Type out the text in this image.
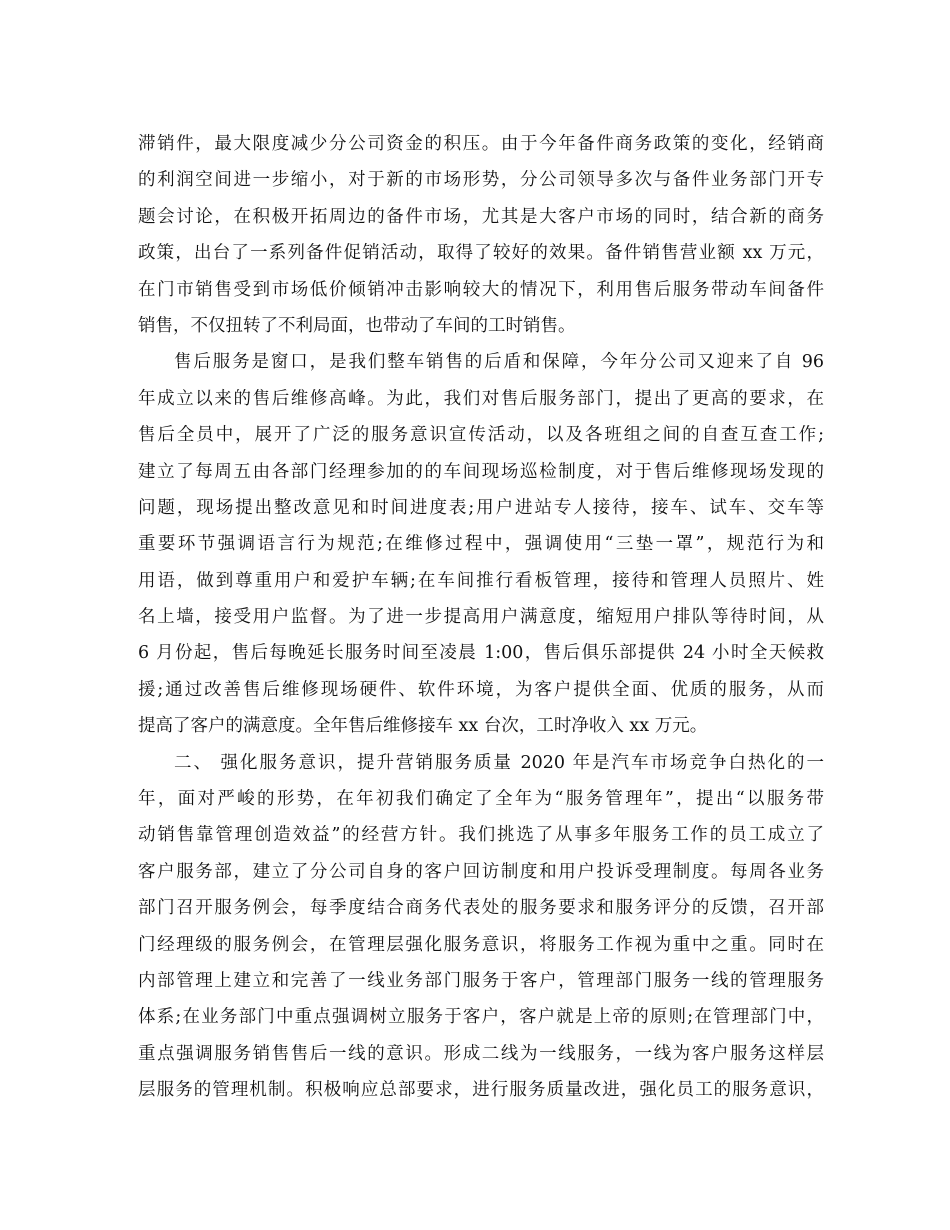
滞销件，最大限度减少分公司资金的积压。由于今年备件商务政策的变化，经销商
的利润空间进一步缩小，对于新的市场形势，分公司领导多次与备件业务部门开专
题会讨论，在积极开拓周边的备件市场，尤其是大客户市场的同时，结合新的商务
政策，出台了一系列备件促销活动，取得了较好的效果。备件销售营业额 xx 万元，
在门市销售受到市场低价倾销冲击影响较大的情况下，利用售后服务带动车间备件
销售，不仅扭转了不利局面，也带动了车间的工时销售。
售后服务是窗口，是我们整车销售的后盾和保障，今年分公司又迎来了自 96
年成立以来的售后维修高峰。为此，我们对售后服务部门，提出了更高的要求，在
售后全员中，展开了广泛的服务意识宣传活动，以及各班组之间的自查互查工作;
建立了每周五由各部门经理参加的的车间现场巡检制度，对于售后维修现场发现的
问题，现场提出整改意见和时间进度表;用户进站专人接待，接车、试车、交车等
重要环节强调语言行为规范;在维修过程中，强调使用“三垫一罩”，规范行为和
用语，做到尊重用户和爱护车辆;在车间推行看板管理，接待和管理人员照片、姓
名上墙，接受用户监督。为了进一步提高用户满意度，缩短用户排队等待时间，从
6 月份起，售后每晚延长服务时间至凌晨 1:00，售后俱乐部提供 24 小时全天候救
援;通过改善售后维修现场硬件、软件环境，为客户提供全面、优质的服务，从而
提高了客户的满意度。全年售后维修接车 xx 台次，工时净收入 xx 万元。
二、 强化服务意识，提升营销服务质量 2020 年是汽车市场竞争白热化的一
年，面对严峻的形势，在年初我们确定了全年为“服务管理年”，提出“以服务带
动销售靠管理创造效益”的经营方针。我们挑选了从事多年服务工作的员工成立了
客户服务部，建立了分公司自身的客户回访制度和用户投诉受理制度。每周各业务
部门召开服务例会，每季度结合商务代表处的服务要求和服务评分的反馈，召开部
门经理级的服务例会，在管理层强化服务意识，将服务工作视为重中之重。同时在
内部管理上建立和完善了一线业务部门服务于客户，管理部门服务一线的管理服务
体系;在业务部门中重点强调树立服务于客户，客户就是上帝的原则;在管理部门中，
重点强调服务销售售后一线的意识。形成二线为一线服务，一线为客户服务这样层
层服务的管理机制。积极响应总部要求，进行服务质量改进，强化员工的服务意识，
